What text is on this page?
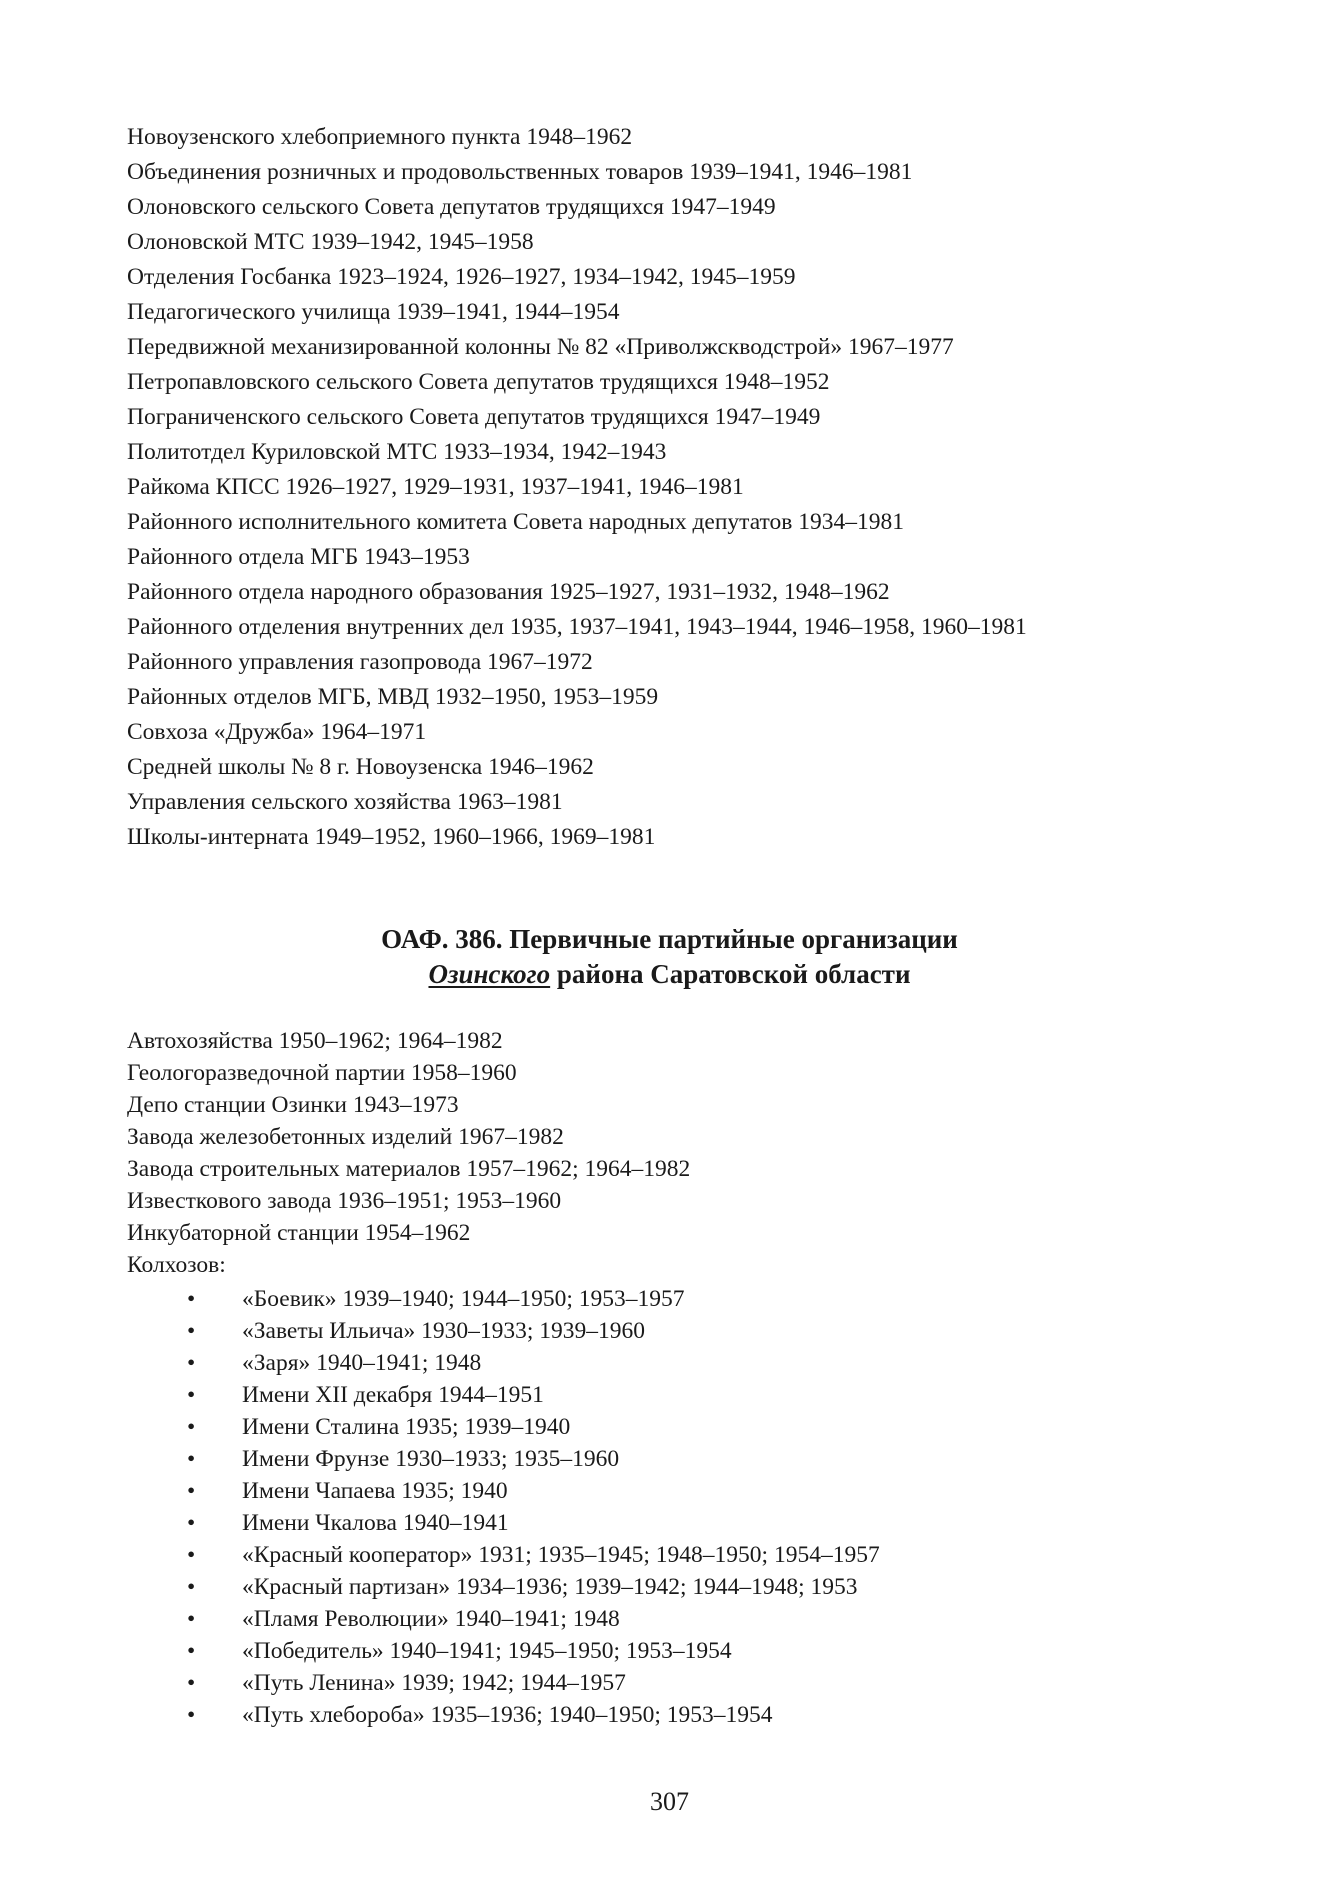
Новоузенского хлебоприемного пункта 1948–1962
Объединения розничных и продовольственных товаров 1939–1941, 1946–1981
Олоновского сельского Совета депутатов трудящихся 1947–1949
Олоновской МТС 1939–1942, 1945–1958
Отделения Госбанка 1923–1924, 1926–1927, 1934–1942, 1945–1959
Педагогического училища 1939–1941, 1944–1954
Передвижной механизированной колонны № 82 «Приволжскводстрой» 1967–1977
Петропавловского сельского Совета депутатов трудящихся 1948–1952
Пограниченского сельского Совета депутатов трудящихся 1947–1949
Политотдел Куриловской МТС 1933–1934, 1942–1943
Райкома КПСС 1926–1927, 1929–1931, 1937–1941, 1946–1981
Районного исполнительного комитета Совета народных депутатов 1934–1981
Районного отдела МГБ 1943–1953
Районного отдела народного образования 1925–1927, 1931–1932, 1948–1962
Районного отделения внутренних дел 1935, 1937–1941, 1943–1944, 1946–1958, 1960–1981
Районного управления газопровода 1967–1972
Районных отделов МГБ, МВД 1932–1950, 1953–1959
Совхоза «Дружба» 1964–1971
Средней школы № 8 г. Новоузенска 1946–1962
Управления сельского хозяйства 1963–1981
Школы-интерната 1949–1952, 1960–1966, 1969–1981
ОАФ. 386. Первичные партийные организации
Озинского района Саратовской области
Автохозяйства 1950–1962; 1964–1982
Геологоразведочной партии 1958–1960
Депо станции Озинки 1943–1973
Завода железобетонных изделий 1967–1982
Завода строительных материалов 1957–1962; 1964–1982
Известкового завода 1936–1951; 1953–1960
Инкубаторной станции 1954–1962
Колхозов:
•	«Боевик» 1939–1940; 1944–1950; 1953–1957
•	«Заветы Ильича» 1930–1933; 1939–1960
•	«Заря» 1940–1941; 1948
•	Имени XII декабря 1944–1951
•	Имени Сталина 1935; 1939–1940
•	Имени Фрунзе 1930–1933; 1935–1960
•	Имени Чапаева 1935; 1940
•	Имени Чкалова 1940–1941
•	«Красный кооператор» 1931; 1935–1945; 1948–1950; 1954–1957
•	«Красный партизан» 1934–1936; 1939–1942; 1944–1948; 1953
•	«Пламя Революции» 1940–1941; 1948
•	«Победитель» 1940–1941; 1945–1950; 1953–1954
•	«Путь Ленина» 1939; 1942; 1944–1957
•	«Путь хлебороба» 1935–1936; 1940–1950; 1953–1954
307
